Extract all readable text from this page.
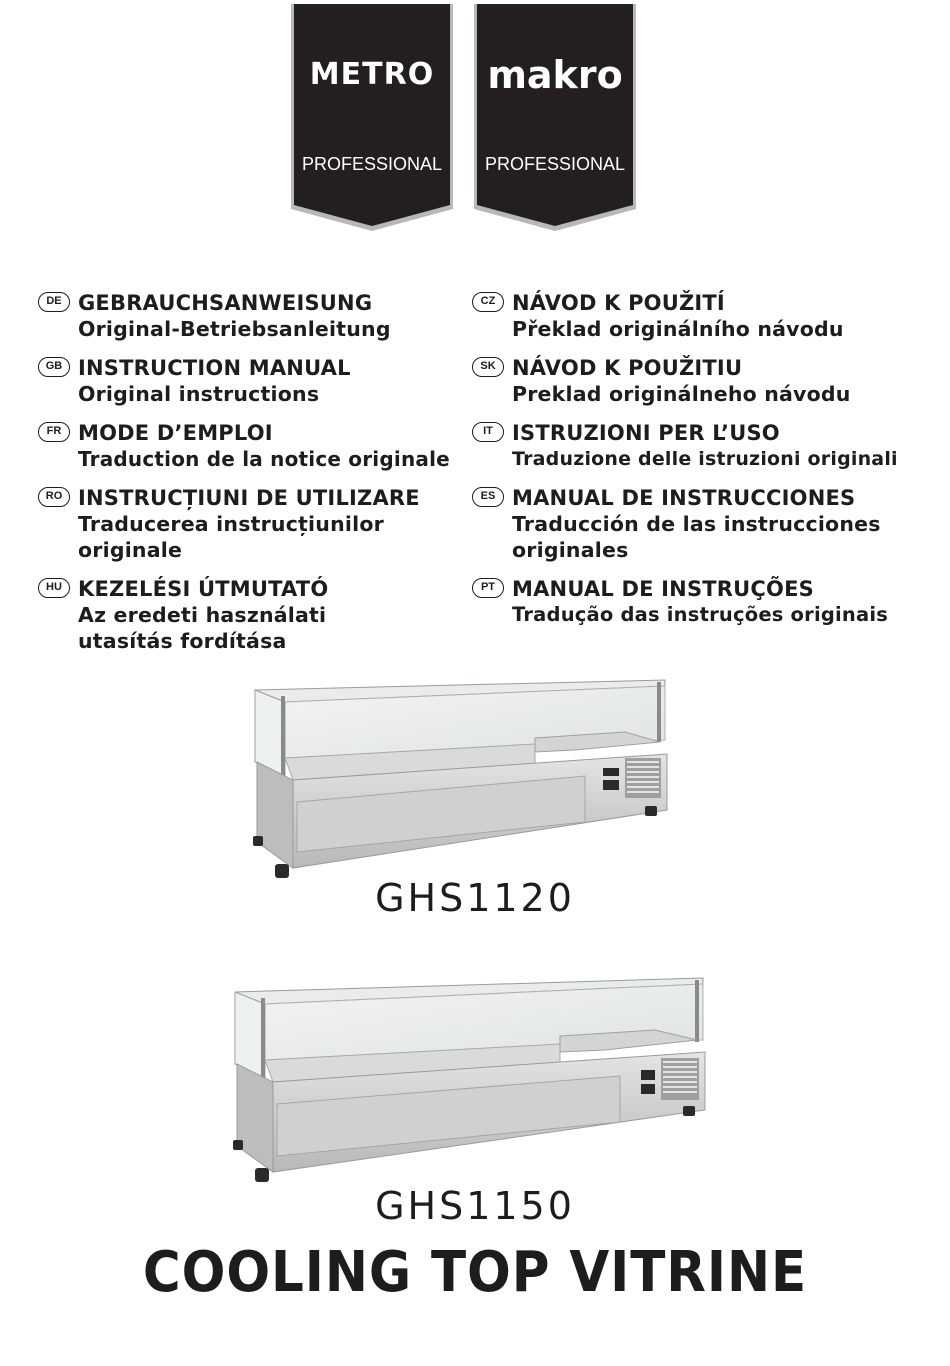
METRO
PROFESSIONAL
makro
PROFESSIONAL
DE GEBRAUCHSANWEISUNG
Original-Betriebsanleitung
GB INSTRUCTION MANUAL
Original instructions
FR MODE D’EMPLOI
Traduction de la notice originale
RO INSTRUCȚIUNI DE UTILIZARE
Traducerea instrucțiunilor originale
HU KEZELÉSI ÚTMUTATÓ
Az eredeti használati utasítás fordítása
CZ NÁVOD K POUŽITÍ
Překlad originálního návodu
SK NÁVOD K POUŽITIU
Preklad originálneho návodu
IT ISTRUZIONI PER L’USO
Traduzione delle istruzioni originali
ES MANUAL DE INSTRUCCIONES
Traducción de las instrucciones originales
PT MANUAL DE INSTRUÇÕES
Tradução das instruções originais
GHS1120
GHS1150
COOLING TOP VITRINE
